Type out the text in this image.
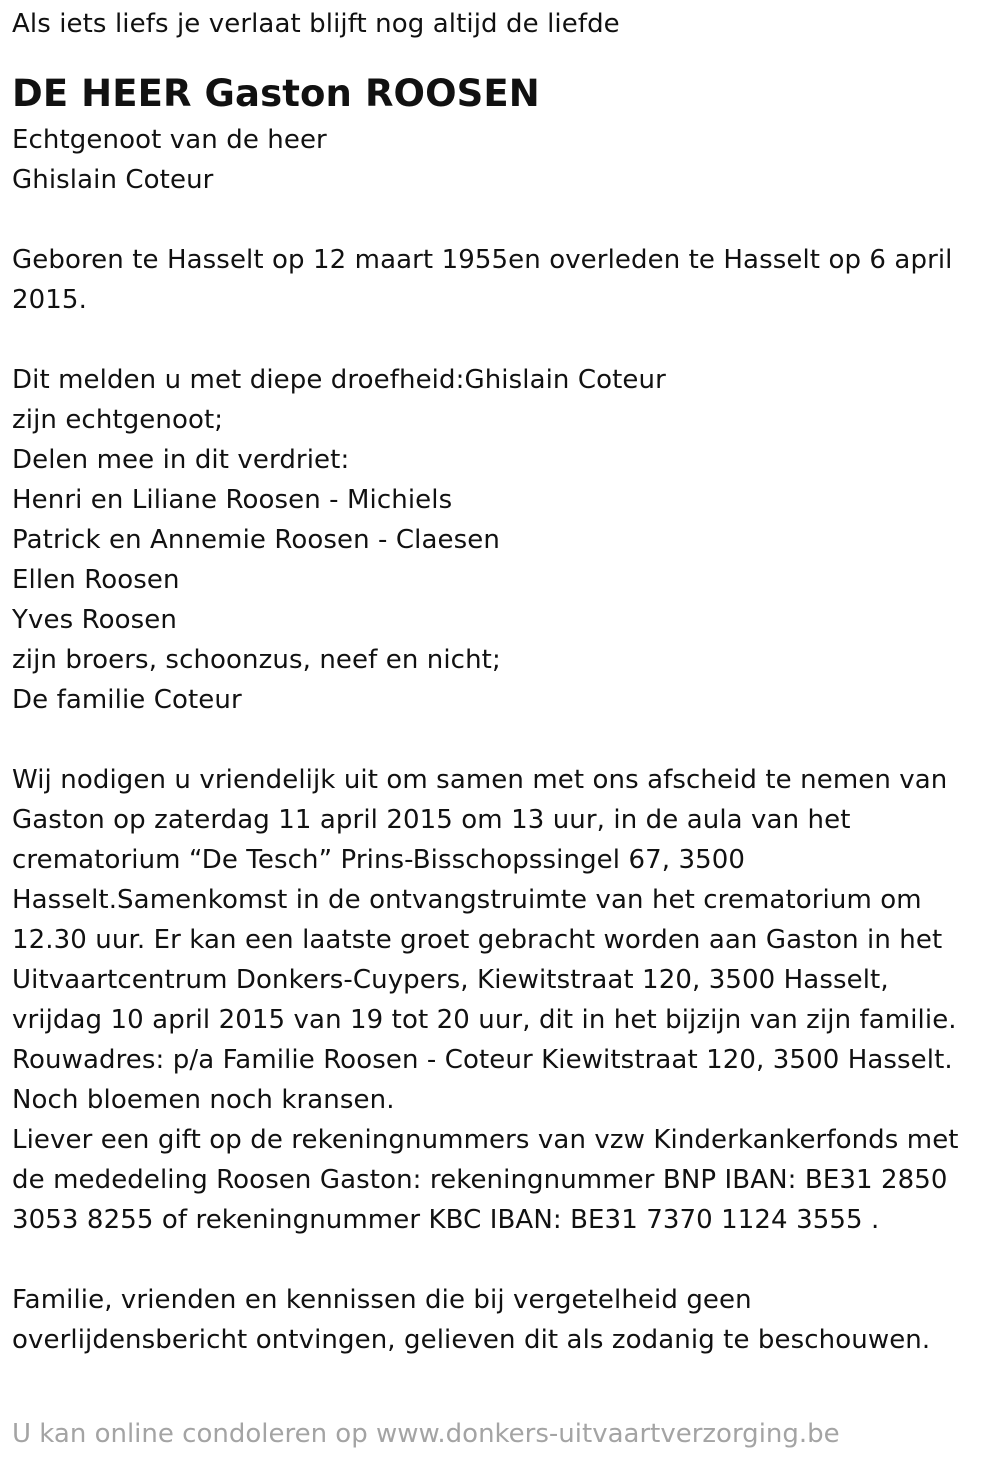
Als iets liefs je verlaat blijft nog altijd de liefde
DE HEER Gaston ROOSEN
Echtgenoot van de heer
Ghislain Coteur
Geboren te Hasselt op 12 maart 1955en overleden te Hasselt op 6 april
2015.
Dit melden u met diepe droefheid:Ghislain Coteur
zijn echtgenoot;
Delen mee in dit verdriet:
Henri en Liliane Roosen - Michiels
Patrick en Annemie Roosen - Claesen
Ellen Roosen
Yves Roosen
zijn broers, schoonzus, neef en nicht;
De familie Coteur
Wij nodigen u vriendelijk uit om samen met ons afscheid te nemen van
Gaston op zaterdag 11 april 2015 om 13 uur, in de aula van het
crematorium “De Tesch” Prins-Bisschopssingel 67, 3500
Hasselt.Samenkomst in de ontvangstruimte van het crematorium om
12.30 uur. Er kan een laatste groet gebracht worden aan Gaston in het
Uitvaartcentrum Donkers-Cuypers, Kiewitstraat 120, 3500 Hasselt,
vrijdag 10 april 2015 van 19 tot 20 uur, dit in het bijzijn van zijn familie.
Rouwadres: p/a Familie Roosen - Coteur Kiewitstraat 120, 3500 Hasselt.
Noch bloemen noch kransen.
Liever een gift op de rekeningnummers van vzw Kinderkankerfonds met
de mededeling Roosen Gaston: rekeningnummer BNP IBAN: BE31 2850
3053 8255 of rekeningnummer KBC IBAN: BE31 7370 1124 3555 .
Familie, vrienden en kennissen die bij vergetelheid geen
overlijdensbericht ontvingen, gelieven dit als zodanig te beschouwen.
U kan online condoleren op www.donkers-uitvaartverzorging.be
